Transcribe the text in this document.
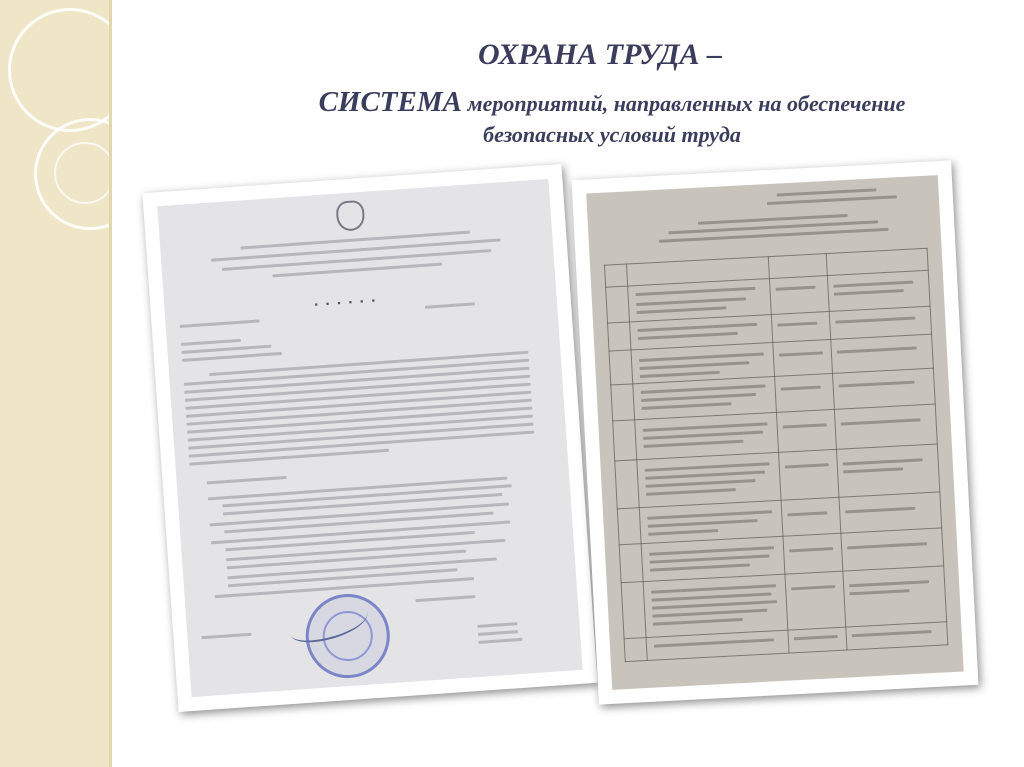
ОХРАНА ТРУДА –
СИСТЕМА мероприятий, направленных на обеспечение
безопасных условий труда
▪ ▪ ▪ ▪ ▪ ▪
